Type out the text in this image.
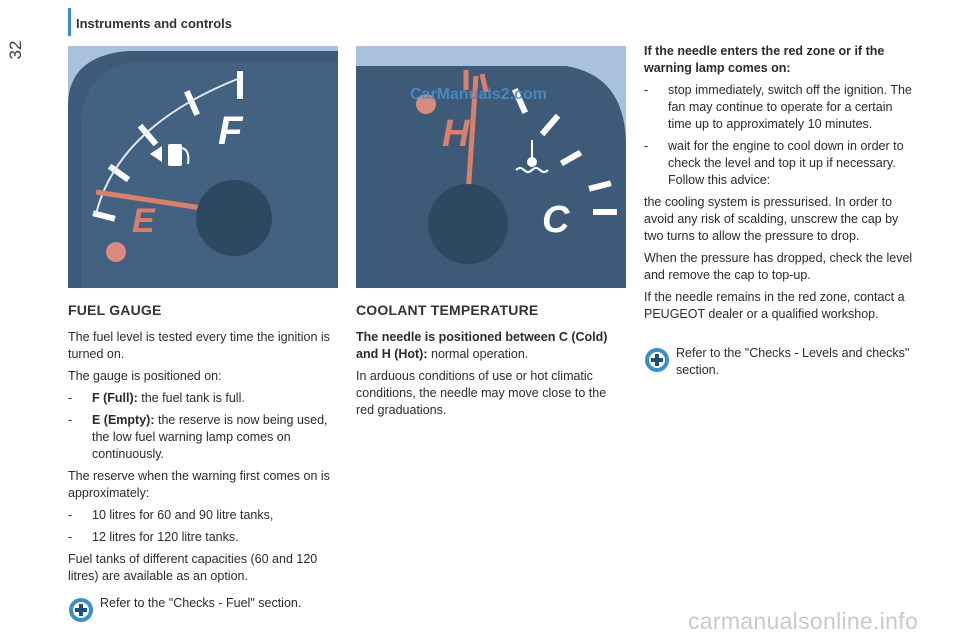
32
Instruments and controls
F
E
H
C
CarManuals2.com
FUEL GAUGE

The fuel level is tested every time the ignition is turned on.

The gauge is positioned on:

- F (Full): the fuel tank is full.
- E (Empty): the reserve is now being used, the low fuel warning lamp comes on continuously.

The reserve when the warning first comes on is approximately:

- 10 litres for 60 and 90 litre tanks,
- 12 litres for 120 litre tanks.

Fuel tanks of different capacities (60 and 120 litres) are available as an option.

Refer to the "Checks - Fuel" section.
COOLANT TEMPERATURE

The needle is positioned between C (Cold) and H (Hot): normal operation.

In arduous conditions of use or hot climatic conditions, the needle may move close to the red graduations.

If the needle enters the red zone or if the warning lamp comes on:

- stop immediately, switch off the ignition. The fan may continue to operate for a certain time up to approximately 10 minutes.
- wait for the engine to cool down in order to check the level and top it up if necessary. Follow this advice:

the cooling system is pressurised. In order to avoid any risk of scalding, unscrew the cap by two turns to allow the pressure to drop.

When the pressure has dropped, check the level and remove the cap to top-up.

If the needle remains in the red zone, contact a PEUGEOT dealer or a qualified workshop.

Refer to the "Checks - Levels and checks" section.
carmanualsonline.info
